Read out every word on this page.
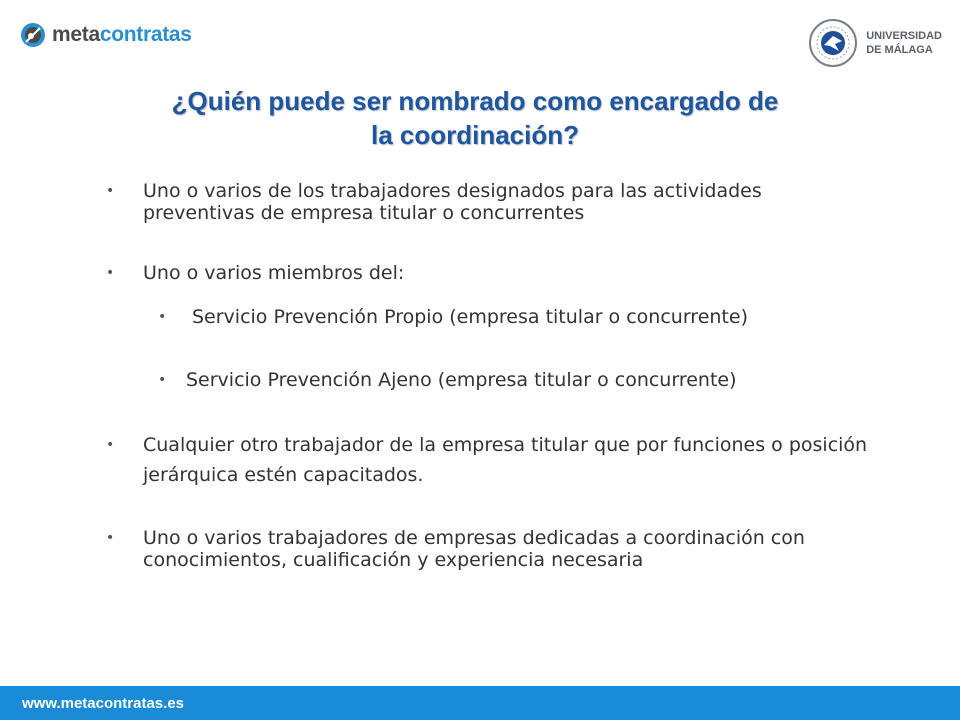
metacontratas	UNIVERSIDAD
DE MÁLAGA
¿Quién puede ser nombrado como encargado de
la coordinación?
• Uno o varios de los trabajadores designados para las actividades preventivas de empresa titular o concurrentes
• Uno o varios miembros del:
• Servicio Prevención Propio (empresa titular o concurrente)
• Servicio Prevención Ajeno (empresa titular o concurrente)
• Cualquier otro trabajador de la empresa titular que por funciones o posición jerárquica estén capacitados.
• Uno o varios trabajadores de empresas dedicadas a coordinación con conocimientos, cualificación y experiencia necesaria
www.metacontratas.es
